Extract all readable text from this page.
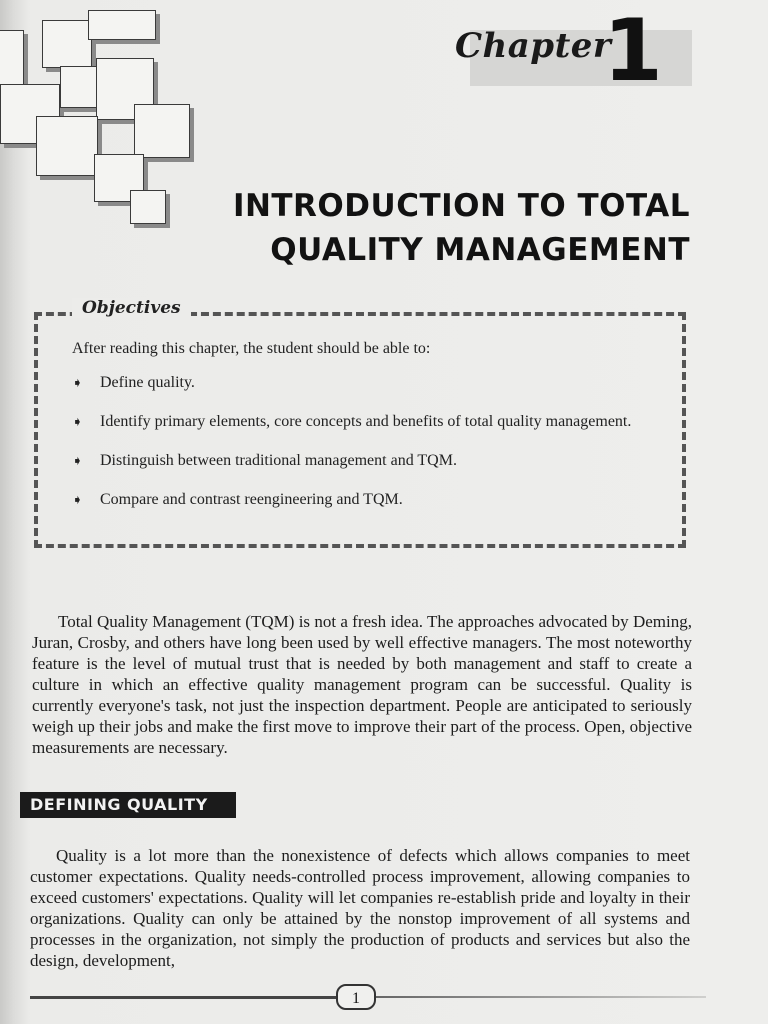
Chapter
1
INTRODUCTION TO TOTAL
QUALITY MANAGEMENT
Objectives
After reading this chapter, the student should be able to:
➧ Define quality.
➧ Identify primary elements, core concepts and benefits of total quality management.
➧ Distinguish between traditional management and TQM.
➧ Compare and contrast reengineering and TQM.

Total Quality Management (TQM) is not a fresh idea. The approaches advocated by Deming, Juran, Crosby, and others have long been used by well effective managers. The most noteworthy feature is the level of mutual trust that is needed by both management and staff to create a culture in which an effective quality management program can be successful. Quality is currently everyone's task, not just the inspection department. People are anticipated to seriously weigh up their jobs and make the first move to improve their part of the process. Open, objective measurements are necessary.

DEFINING QUALITY

Quality is a lot more than the nonexistence of defects which allows companies to meet customer expectations. Quality needs-controlled process improvement, allowing companies to exceed customers' expectations. Quality will let companies re-establish pride and loyalty in their organizations. Quality can only be attained by the nonstop improvement of all systems and processes in the organization, not simply the production of products and services but also the design, development,

1
